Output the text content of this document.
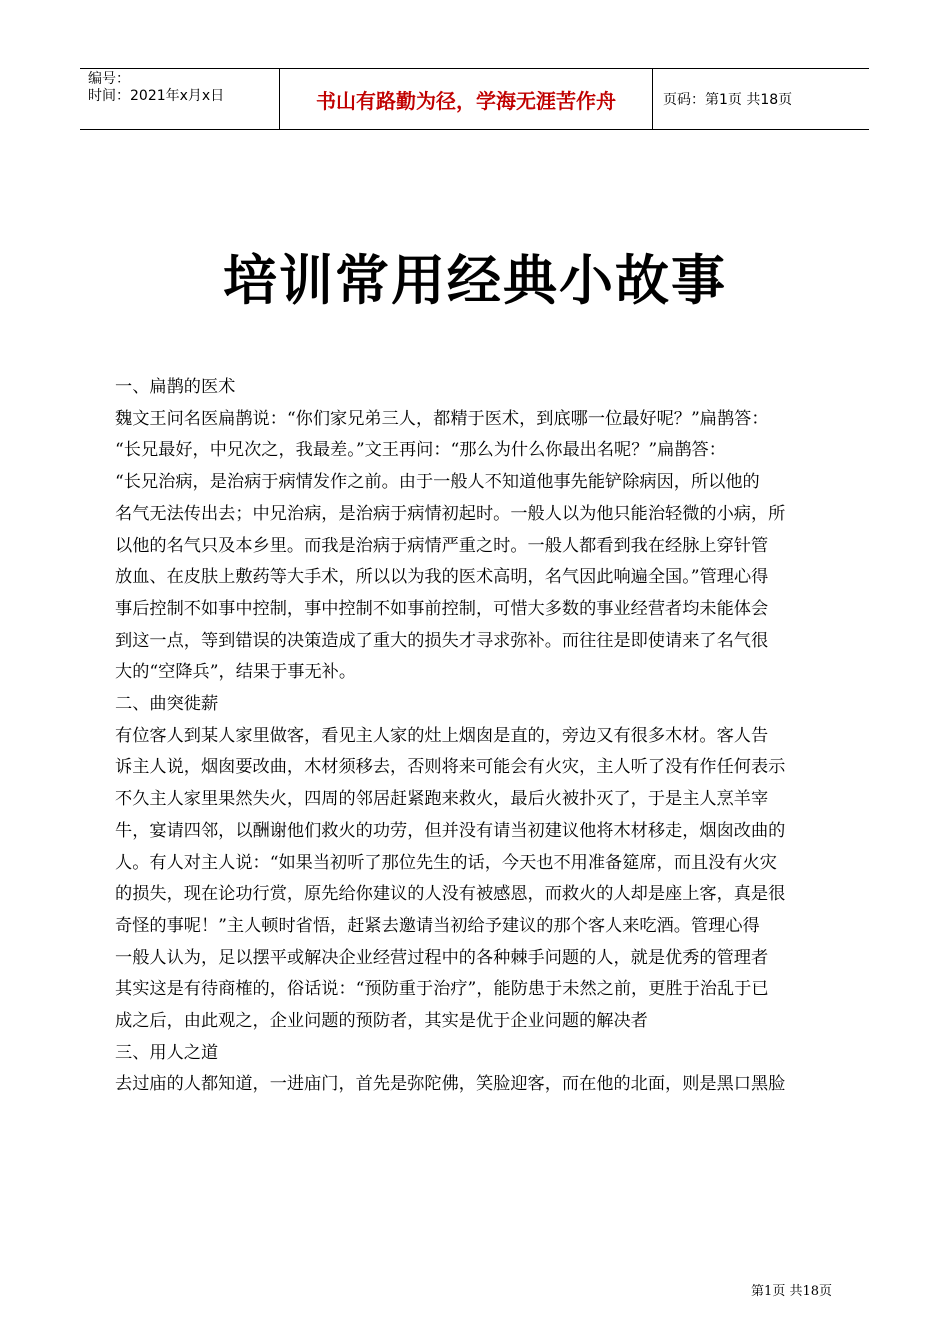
编号：
时间：2021年x月x日	书山有路勤为径，学海无涯苦作舟	页码：第1页 共18页
培训常用经典小故事
一、扁鹊的医术
魏文王问名医扁鹊说：“你们家兄弟三人，都精于医术，到底哪一位最好呢？”扁鹊答：
“长兄最好，中兄次之，我最差。”文王再问：“那么为什么你最出名呢？”扁鹊答：
“长兄治病，是治病于病情发作之前。由于一般人不知道他事先能铲除病因，所以他的
名气无法传出去；中兄治病，是治病于病情初起时。一般人以为他只能治轻微的小病，所
以他的名气只及本乡里。而我是治病于病情严重之时。一般人都看到我在经脉上穿针管
放血、在皮肤上敷药等大手术，所以以为我的医术高明，名气因此响遍全国。”管理心得
事后控制不如事中控制，事中控制不如事前控制，可惜大多数的事业经营者均未能体会
到这一点，等到错误的决策造成了重大的损失才寻求弥补。而往往是即使请来了名气很
大的“空降兵”，结果于事无补。
二、曲突徙薪
有位客人到某人家里做客，看见主人家的灶上烟囱是直的，旁边又有很多木材。客人告
诉主人说，烟囱要改曲，木材须移去，否则将来可能会有火灾，主人听了没有作任何表示
不久主人家里果然失火，四周的邻居赶紧跑来救火，最后火被扑灭了，于是主人烹羊宰
牛，宴请四邻，以酬谢他们救火的功劳，但并没有请当初建议他将木材移走，烟囱改曲的
人。有人对主人说：“如果当初听了那位先生的话，今天也不用准备筵席，而且没有火灾
的损失，现在论功行赏，原先给你建议的人没有被感恩，而救火的人却是座上客，真是很
奇怪的事呢！”主人顿时省悟，赶紧去邀请当初给予建议的那个客人来吃酒。管理心得
一般人认为，足以摆平或解决企业经营过程中的各种棘手问题的人，就是优秀的管理者
其实这是有待商榷的，俗话说：“预防重于治疗”，能防患于未然之前，更胜于治乱于已
成之后，由此观之，企业问题的预防者，其实是优于企业问题的解决者
三、用人之道
去过庙的人都知道，一进庙门，首先是弥陀佛，笑脸迎客，而在他的北面，则是黑口黑脸
第1页 共18页
